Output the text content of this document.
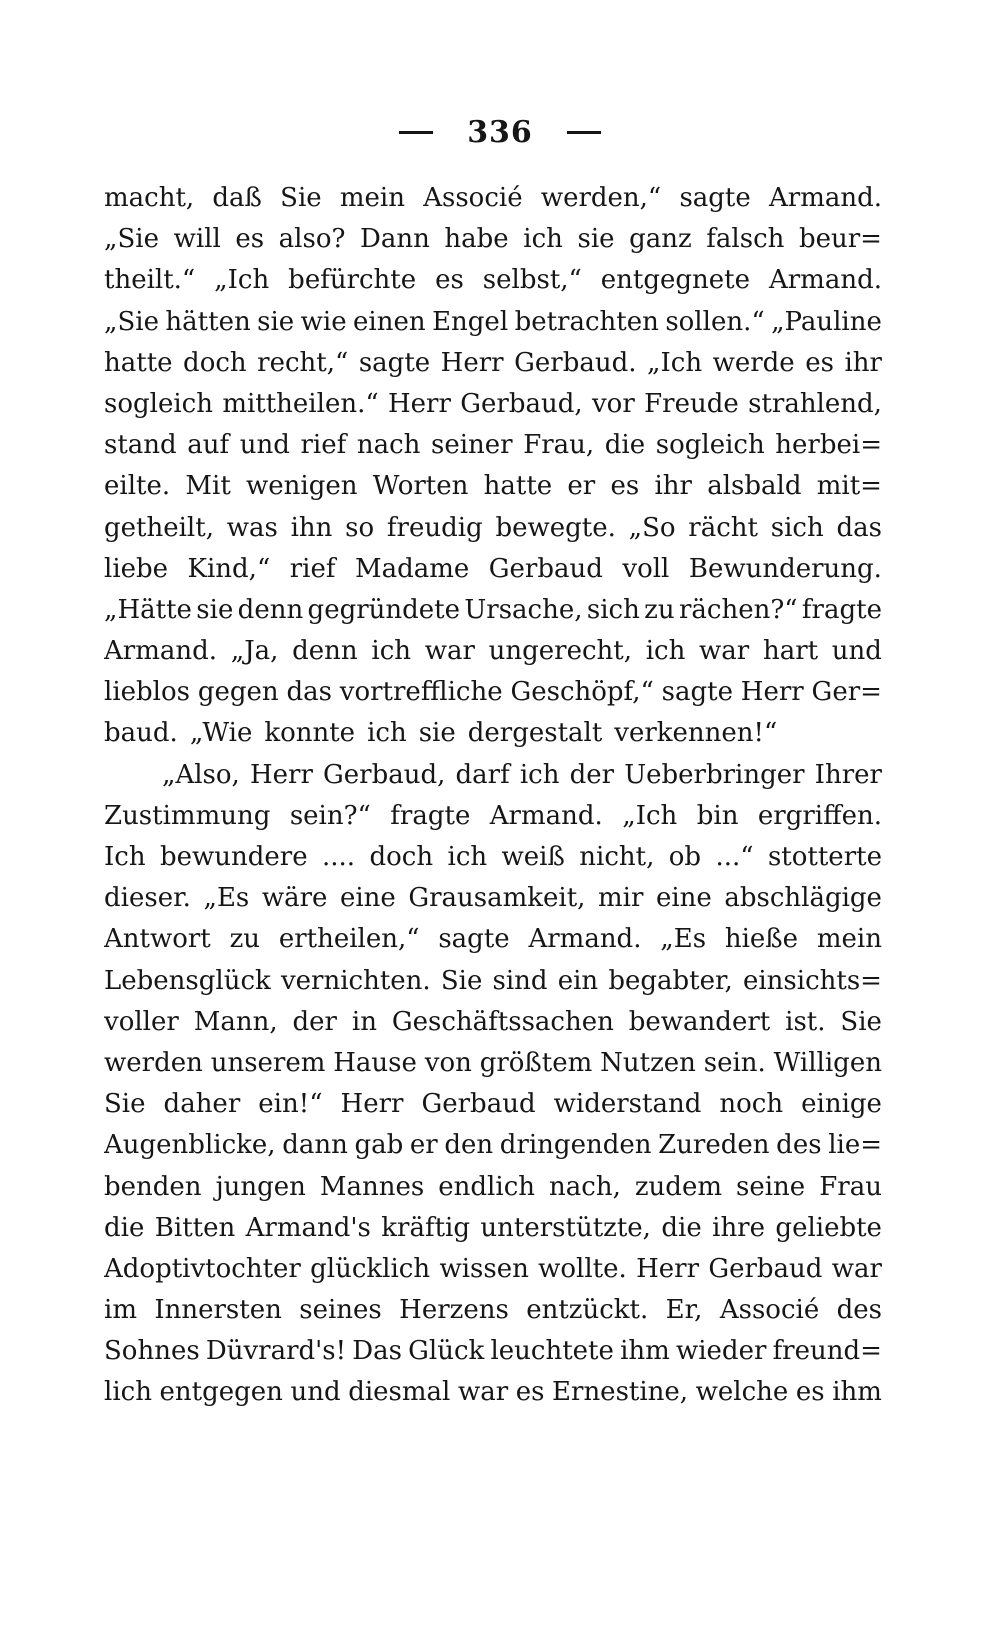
336
macht, daß Sie mein Associé werden,“ sagte Armand.
„Sie will es also? Dann habe ich sie ganz falsch beur=
theilt.“ „Ich befürchte es selbst,“ entgegnete Armand.
„Sie hätten sie wie einen Engel betrachten sollen.“ „Pauline
hatte doch recht,“ sagte Herr Gerbaud. „Ich werde es ihr
sogleich mittheilen.“ Herr Gerbaud, vor Freude strahlend,
stand auf und rief nach seiner Frau, die sogleich herbei=
eilte. Mit wenigen Worten hatte er es ihr alsbald mit=
getheilt, was ihn so freudig bewegte. „So rächt sich das
liebe Kind,“ rief Madame Gerbaud voll Bewunderung.
„Hätte sie denn gegründete Ursache, sich zu rächen?“ fragte
Armand. „Ja, denn ich war ungerecht, ich war hart und
lieblos gegen das vortreffliche Geschöpf,“ sagte Herr Ger=
baud. „Wie konnte ich sie dergestalt verkennen!“
„Also, Herr Gerbaud, darf ich der Ueberbringer Ihrer
Zustimmung sein?“ fragte Armand. „Ich bin ergriffen.
Ich bewundere .... doch ich weiß nicht, ob ...“ stotterte
dieser. „Es wäre eine Grausamkeit, mir eine abschlägige
Antwort zu ertheilen,“ sagte Armand. „Es hieße mein
Lebensglück vernichten. Sie sind ein begabter, einsichts=
voller Mann, der in Geschäftssachen bewandert ist. Sie
werden unserem Hause von größtem Nutzen sein. Willigen
Sie daher ein!“ Herr Gerbaud widerstand noch einige
Augenblicke, dann gab er den dringenden Zureden des lie=
benden jungen Mannes endlich nach, zudem seine Frau
die Bitten Armand's kräftig unterstützte, die ihre geliebte
Adoptivtochter glücklich wissen wollte. Herr Gerbaud war
im Innersten seines Herzens entzückt. Er, Associé des
Sohnes Düvrard's! Das Glück leuchtete ihm wieder freund=
lich entgegen und diesmal war es Ernestine, welche es ihm
